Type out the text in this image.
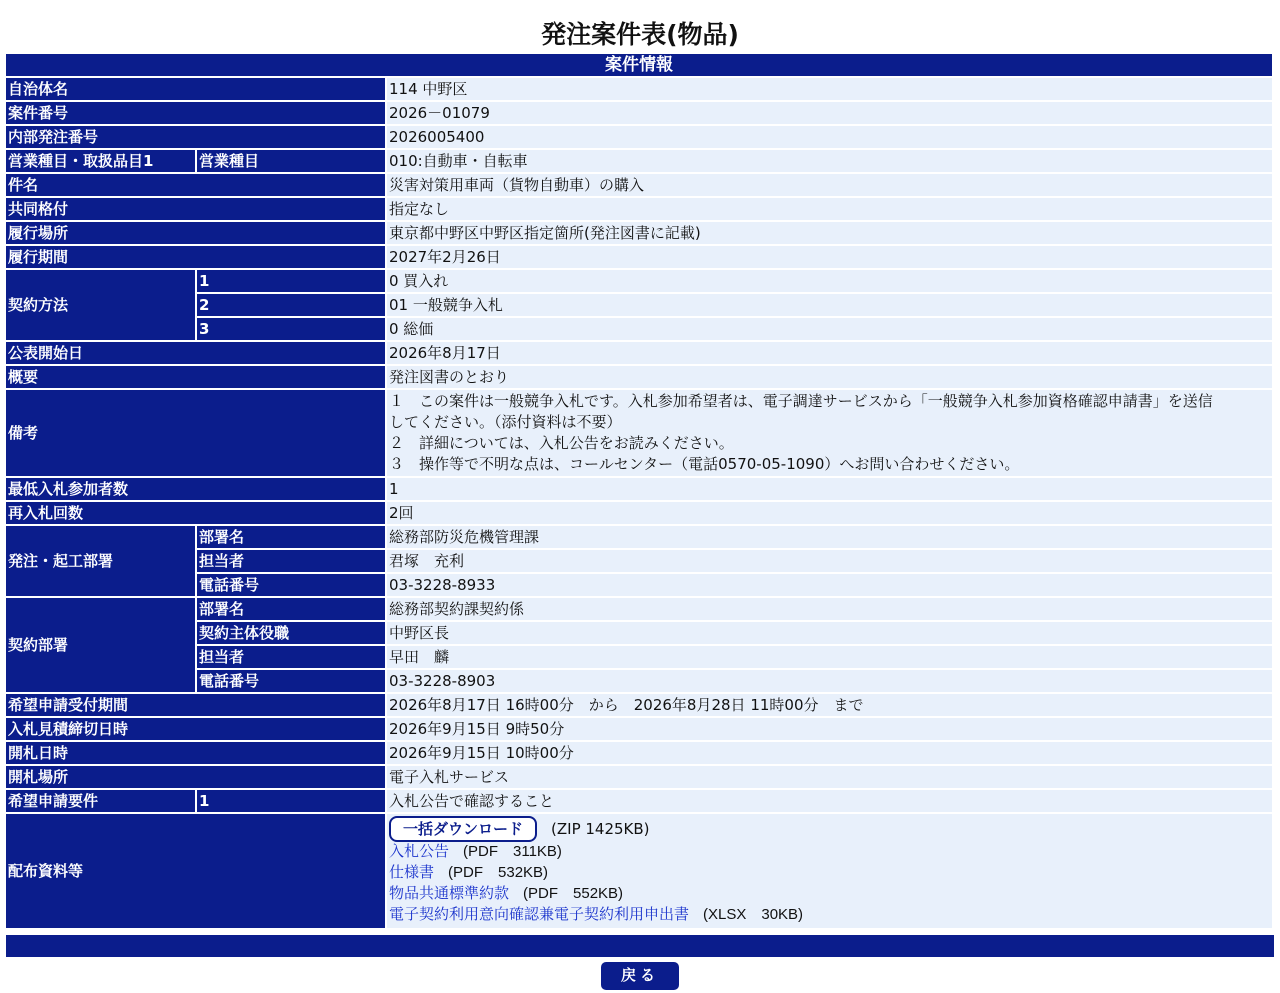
発注案件表(物品)
案件情報		
自治体名		114 中野区
案件番号		2026－01079
内部発注番号		2026005400
営業種目・取扱品目1	営業種目	010:自動車・自転車
件名		災害対策用車両（貨物自動車）の購入
共同格付		指定なし
履行場所		東京都中野区中野区指定箇所(発注図書に記載)
履行期間		2027年2月26日
契約方法	1	0 買入れ
	2	01 一般競争入札
	3	0 総価
公表開始日		2026年8月17日
概要		発注図書のとおり
備考		１　この案件は一般競争入札です。入札参加希望者は、電子調達サービスから「一般競争入札参加資格確認申請書」を送信
してください。（添付資料は不要）
２　詳細については、入札公告をお読みください。
３　操作等で不明な点は、コールセンター（電話0570-05-1090）へお問い合わせください。

最低入札参加者数		1
再入札回数		2回
発注・起工部署	部署名	総務部防災危機管理課
	担当者	君塚　充利
	電話番号	03-3228-8933
契約部署	部署名	総務部契約課契約係
	契約主体役職	中野区長
	担当者	早田　麟
	電話番号	03-3228-8903
希望申請受付期間		2026年8月17日 16時00分　から　2026年8月28日 11時00分　まで
入札見積締切日時		2026年9月15日 9時50分
開札日時		2026年9月15日 10時00分
開札場所		電子入札サービス
希望申請要件	1	入札公告で確認すること
配布資料等		一括ダウンロード (ZIP 1425KB)
入札公告 (PDF　311KB)
仕様書 (PDF　532KB)
物品共通標準約款 (PDF　552KB)
電子契約利用意向確認兼電子契約利用申出書 (XLSX　30KB)
戻る
